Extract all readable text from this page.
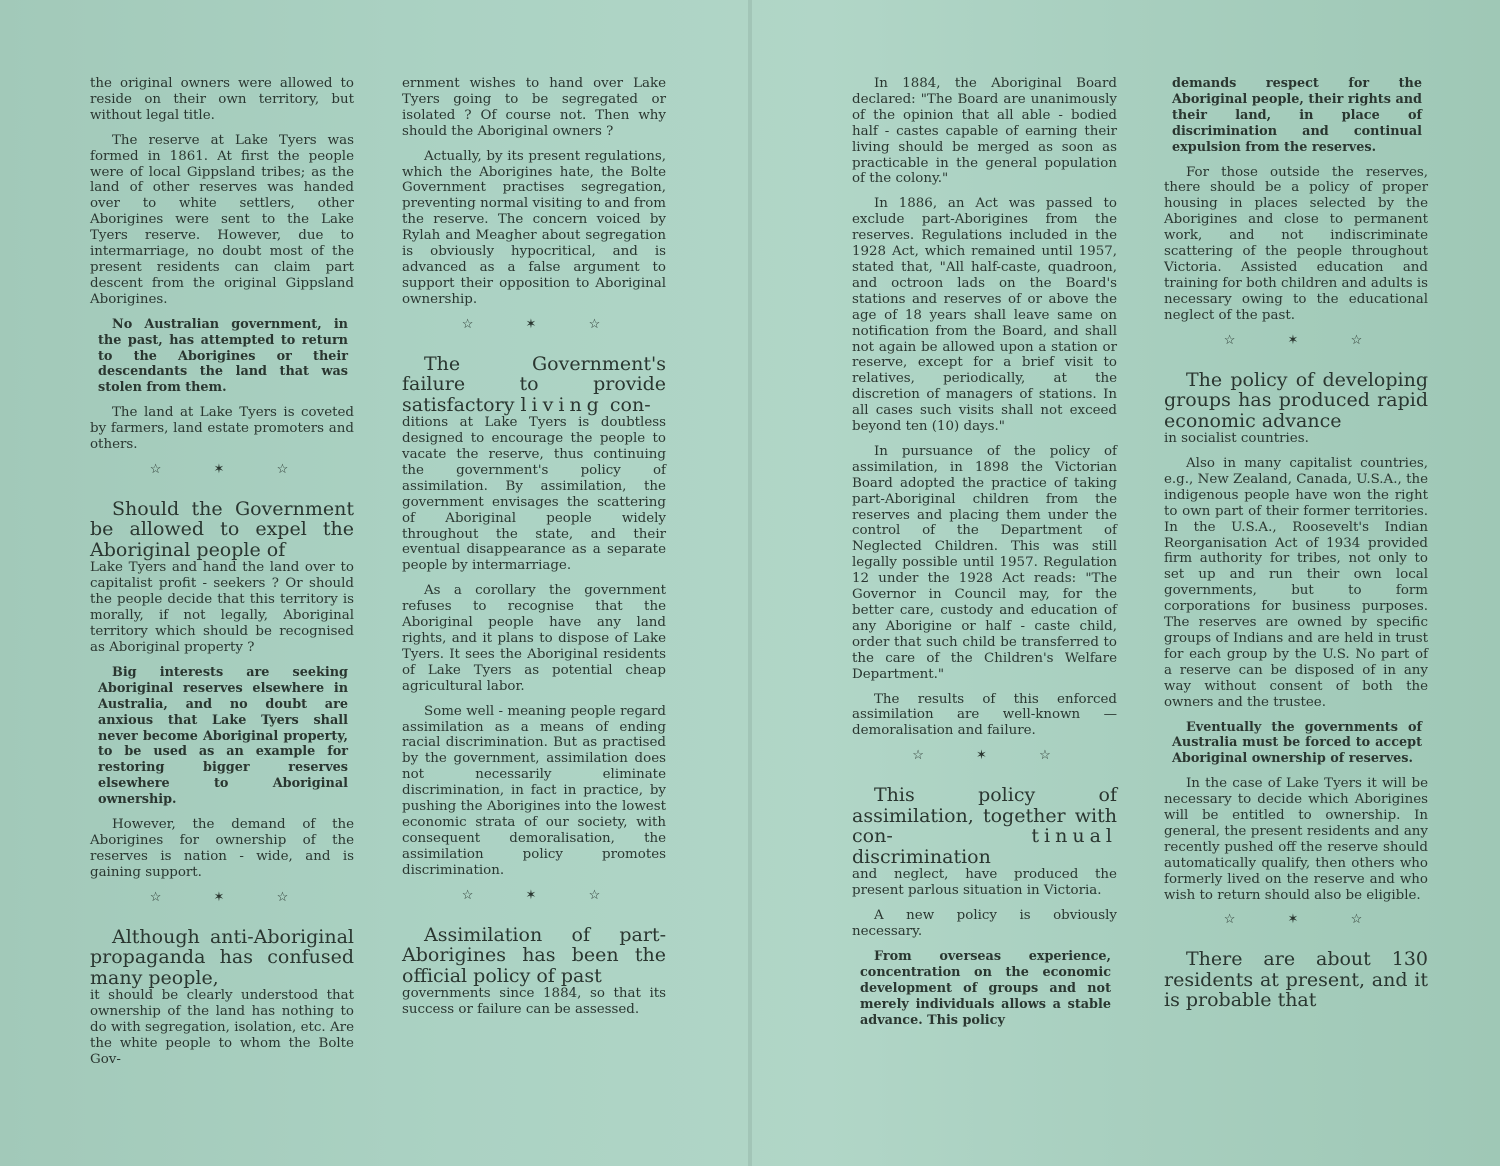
the original owners were allowed to reside on their own territory, but without legal title.

The reserve at Lake Tyers was formed in 1861. At first the people were of local Gippsland tribes; as the land of other reserves was handed over to white settlers, other Aborigines were sent to the Lake Tyers reserve. However, due to intermarriage, no doubt most of the present residents can claim part descent from the original Gippsland Aborigines.

No Australian government, in the past, has attempted to return to the Aborigines or their descendants the land that was stolen from them.

The land at Lake Tyers is coveted by farmers, land estate promoters and others.

☆ ✶ ☆
Should the Government be allowed to expel the Aboriginal people of

Lake Tyers and hand the land over to capitalist profit - seekers ? Or should the people decide that this territory is morally, if not legally, Aboriginal territory which should be recognised as Aboriginal property ?

Big interests are seeking Aboriginal reserves elsewhere in Australia, and no doubt are anxious that Lake Tyers shall never become Aboriginal property, to be used as an example for restoring bigger reserves elsewhere to Aboriginal ownership.

However, the demand of the Aborigines for ownership of the reserves is nation - wide, and is gaining support.

☆ ✶ ☆
Although anti-Aboriginal propaganda has confused many people,

it should be clearly understood that ownership of the land has nothing to do with segregation, isolation, etc. Are the white people to whom the Bolte Gov-

ernment wishes to hand over Lake Tyers going to be segregated or isolated ? Of course not. Then why should the Aboriginal owners ?

Actually, by its present regulations, which the Aborigines hate, the Bolte Government practises segregation, preventing normal visiting to and from the reserve. The concern voiced by Rylah and Meagher about segregation is obviously hypocritical, and is advanced as a false argument to support their opposition to Aboriginal ownership.

☆ ✶ ☆
The Government's failure to provide satisfactory living con-

ditions at Lake Tyers is doubtless designed to encourage the people to vacate the reserve, thus continuing the government's policy of assimilation. By assimilation, the government envisages the scattering of Aboriginal people widely throughout the state, and their eventual disappearance as a separate people by intermarriage.

As a corollary the government refuses to recognise that the Aboriginal people have any land rights, and it plans to dispose of Lake Tyers. It sees the Aboriginal residents of Lake Tyers as potential cheap agricultural labor.

Some well - meaning people regard assimilation as a means of ending racial discrimination. But as practised by the government, assimilation does not necessarily eliminate discrimination, in fact in practice, by pushing the Aborigines into the lowest economic strata of our society, with consequent demoralisation, the assimilation policy promotes discrimination.

☆ ✶ ☆
Assimilation of part-Aborigines has been the official policy of past

governments since 1884, so that its success or failure can be assessed.

In 1884, the Aboriginal Board declared: "The Board are unanimously of the opinion that all able - bodied half - castes capable of earning their living should be merged as soon as practicable in the general population of the colony."

In 1886, an Act was passed to exclude part-Aborigines from the reserves. Regulations included in the 1928 Act, which remained until 1957, stated that, "All half-caste, quadroon, and octroon lads on the Board's stations and reserves of or above the age of 18 years shall leave same on notification from the Board, and shall not again be allowed upon a station or reserve, except for a brief visit to relatives, periodically, at the discretion of managers of stations. In all cases such visits shall not exceed beyond ten (10) days."

In pursuance of the policy of assimilation, in 1898 the Victorian Board adopted the practice of taking part-Aboriginal children from the reserves and placing them under the control of the Department of Neglected Children. This was still legally possible until 1957. Regulation 12 under the 1928 Act reads: "The Governor in Council may, for the better care, custody and education of any Aborigine or half - caste child, order that such child be transferred to the care of the Children's Welfare Department."

The results of this enforced assimilation are well-known — demoralisation and failure.

☆ ✶ ☆
This policy of assimilation, together with con-	tinual discrimination

and neglect, have produced the present parlous situation in Victoria.

A new policy is obviously necessary.

From overseas experience, concentration on the economic development of groups and not merely individuals allows a stable advance. This policy

demands respect for the Aboriginal people, their rights and their land, in place of discrimination and continual expulsion from the reserves.

For those outside the reserves, there should be a policy of proper housing in places selected by the Aborigines and close to permanent work, and not indiscriminate scattering of the people throughout Victoria. Assisted education and training for both children and adults is necessary owing to the educational neglect of the past.

☆ ✶ ☆
The policy of developing groups has produced rapid economic advance

in socialist countries.

Also in many capitalist countries, e.g., New Zealand, Canada, U.S.A., the indigenous people have won the right to own part of their former territories. In the U.S.A., Roosevelt's Indian Reorganisation Act of 1934 provided firm authority for tribes, not only to set up and run their own local governments, but to form corporations for business purposes. The reserves are owned by specific groups of Indians and are held in trust for each group by the U.S. No part of a reserve can be disposed of in any way without consent of both the owners and the trustee.

Eventually the governments of Australia must be forced to accept Aboriginal ownership of reserves.

In the case of Lake Tyers it will be necessary to decide which Aborigines will be entitled to ownership. In general, the present residents and any recently pushed off the reserve should automatically qualify, then others who formerly lived on the reserve and who wish to return should also be eligible.

☆ ✶ ☆
There are about 130 residents at present, and it is probable that
